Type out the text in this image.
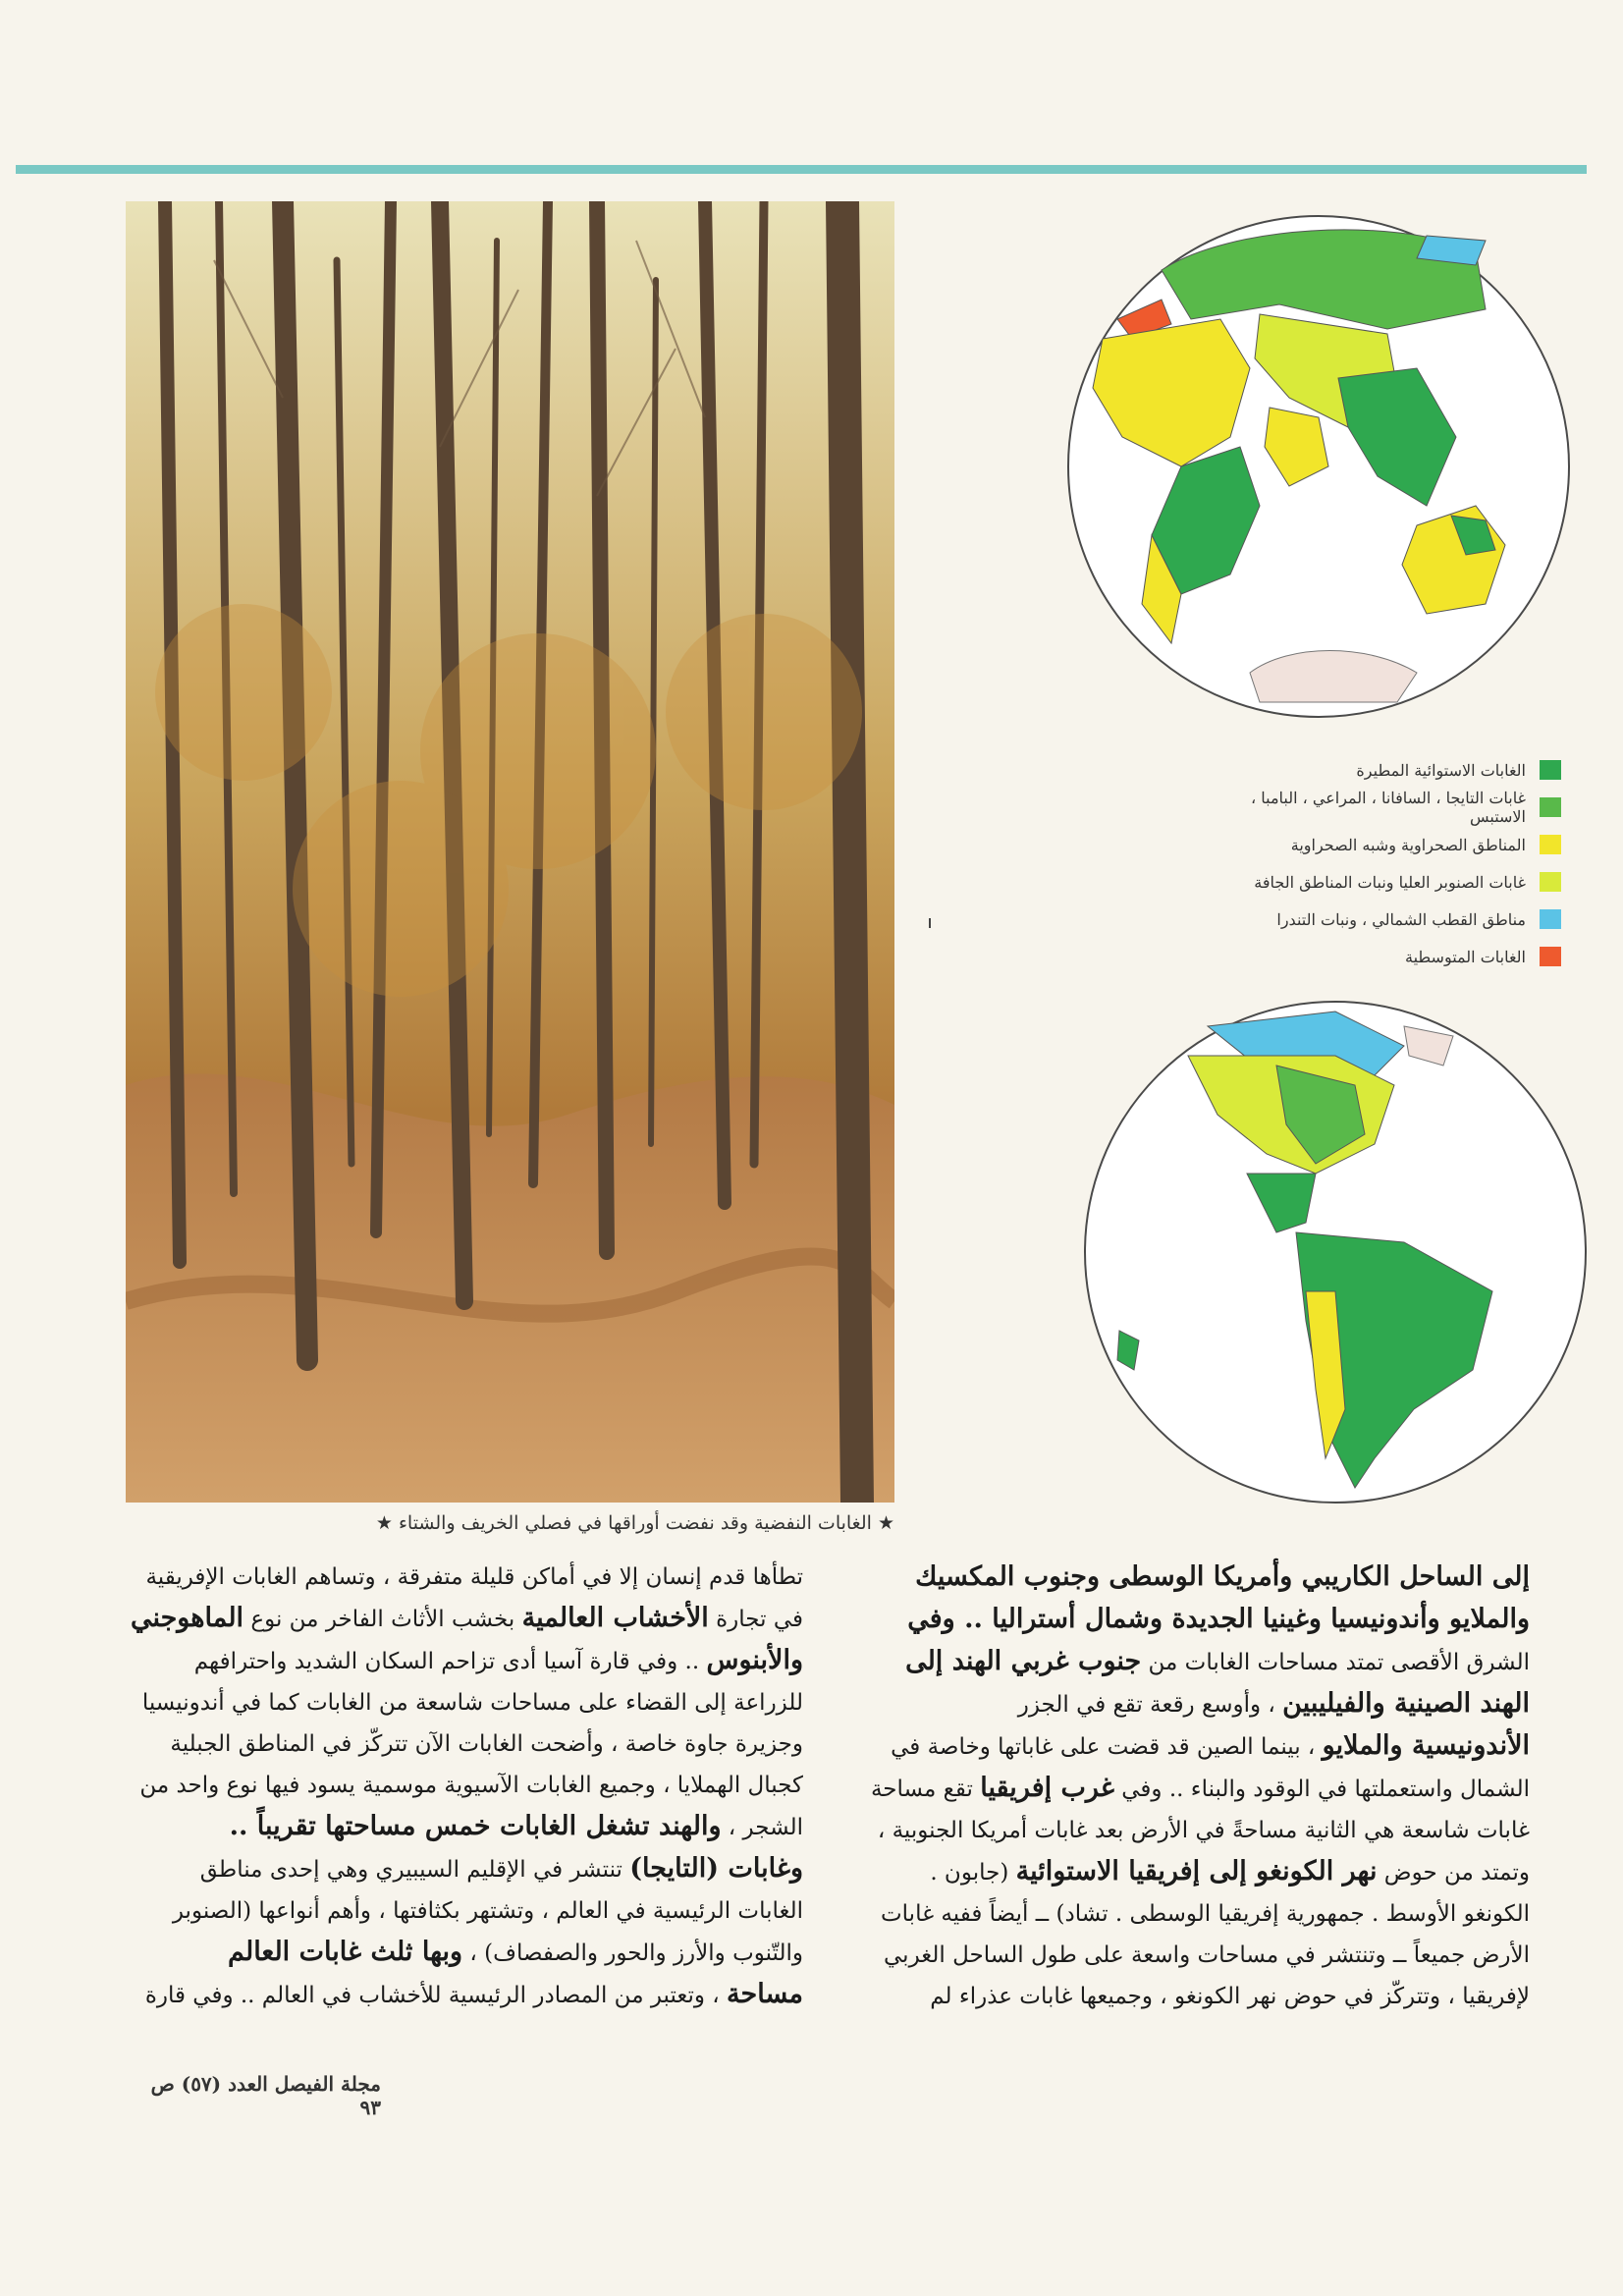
★ الغابات النفضية وقد نفضت أوراقها في فصلي الخريف والشتاء ★
الغابات الاستوائية المطيرة
غابات التايجا ، السافانا ، المراعي ، البامبا ، الاستبس
المناطق الصحراوية وشبه الصحراوية
غابات الصنوبر العليا ونبات المناطق الجافة
مناطق القطب الشمالي ، ونبات التندرا
الغابات المتوسطية

إلى الساحل الكاريبي وأمريكا الوسطى وجنوب المكسيك

والملايو وأندونيسيا وغينيا الجديدة وشمال أستراليا .. وفي

الشرق الأقصى تمتد مساحات الغابات من جنوب غربي الهند إلى

الهند الصينية والفيليبين ، وأوسع رقعة تقع في الجزر

الأندونيسية والملايو ، بينما الصين قد قضت على غاباتها وخاصة في

الشمال واستعملتها في الوقود والبناء .. وفي غرب إفريقيا تقع مساحة

غابات شاسعة هي الثانية مساحةً في الأرض بعد غابات أمريكا الجنوبية ،

وتمتد من حوض نهر الكونغو إلى إفريقيا الاستوائية (جابون .

الكونغو الأوسط . جمهورية إفريقيا الوسطى . تشاد) ــ أيضاً ففيه غابات

الأرض جميعاً ــ وتنتشر في مساحات واسعة على طول الساحل الغربي

لإفريقيا ، وتتركّز في حوض نهر الكونغو ، وجميعها غابات عذراء لم

تطأها قدم إنسان إلا في أماكن قليلة متفرقة ، وتساهم الغابات الإفريقية

في تجارة الأخشاب العالمية بخشب الأثاث الفاخر من نوع الماهوجني

والأبنوس .. وفي قارة آسيا أدى تزاحم السكان الشديد واحترافهم

للزراعة إلى القضاء على مساحات شاسعة من الغابات كما في أندونيسيا

وجزيرة جاوة خاصة ، وأضحت الغابات الآن تتركّز في المناطق الجبلية

كجبال الهملايا ، وجميع الغابات الآسيوية موسمية يسود فيها نوع واحد من

الشجر ، والهند تشغل الغابات خمس مساحتها تقريباً ..

وغابات (التايجا) تنتشر في الإقليم السيبيري وهي إحدى مناطق

الغابات الرئيسية في العالم ، وتشتهر بكثافتها ، وأهم أنواعها (الصنوبر

والتّنوب والأرز والحور والصفصاف) ، وبها ثلث غابات العالم

مساحة ، وتعتبر من المصادر الرئيسية للأخشاب في العالم .. وفي قارة

مجلة الفيصل العدد (٥٧) ص ٩٣
